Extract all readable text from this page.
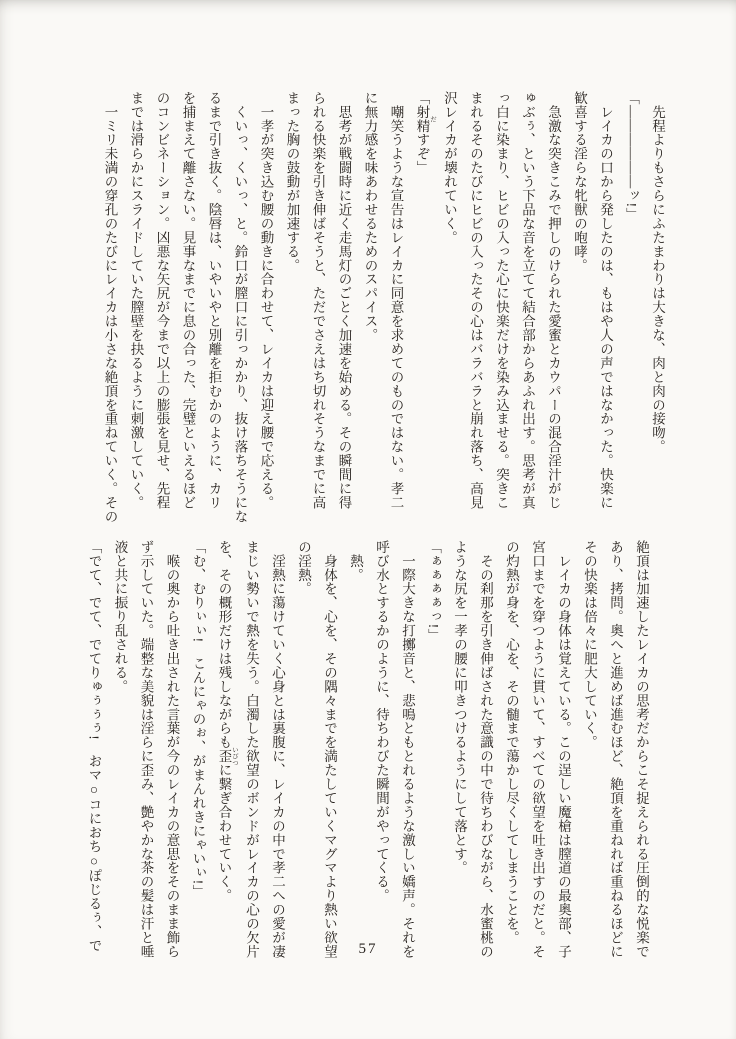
　先程よりもさらにふたまわりは大きな、肉と肉の接吻。
「――――――ッ!」
　レイカの口から発したのは、もはや人の声ではなかった。快楽に
歓喜する淫らな牝獣の咆哮。
　急激な突きこみで押しのけられた愛蜜とカウパーの混合淫汁がじ
ゅぶぅ、という下品な音を立てて結合部からあふれ出す。思考が真
っ白に染まり、ヒビの入った心に快楽だけを染み込ませる。突きこ
まれるそのたびにヒビの入ったその心はバラバラと崩れ落ち、高見
沢レイカが壊れていく。
「射精 だすぞ」
　嘲笑うような宣告はレイカに同意を求めてのものではない。孝二
に無力感を味あわせるためのスパイス。
　思考が戦闘時に近く走馬灯のごとく加速を始める。その瞬間に得
られる快楽を引き伸ばそうと、ただでさえはち切れそうなまでに高
まった胸の鼓動が加速する。
　一孝が突き込む腰の動きに合わせて、レイカは迎え腰で応える。
　くいっ、くいっ、と。鈴口が膣口に引っかかり、抜け落ちそうにな
るまで引き抜く。陰唇は、いやいやと別離を拒むかのように、カリ
を捕まえて離さない。見事なまでに息の合った、完璧といえるほど
のコンビネーション。凶悪な矢尻が今まで以上の膨張を見せ、先程
までは滑らかにスライドしていた膣壁を抉るように刺激していく。
　一ミリ未満の穿孔のたびにレイカは小さな絶頂を重ねていく。その
絶頂は加速したレイカの思考だからこそ捉えられる圧倒的な悦楽で
あり、拷問。奥へと進めば進むほど、絶頂を重ねれば重ねるほどに
その快楽は倍々に肥大していく。
　レイカの身体は覚えている。この逞しい魔槍は膣道の最奥部、子
宮口までを穿つように貫いて、すべての欲望を吐き出すのだと。そ
の灼熱が身を、心を、その髄まで蕩かし尽くしてしまうことを。
　その刹那を引き伸ばされた意識の中で待ちわびながら、水蜜桃の
ような尻を一孝の腰に叩きつけるようにして落とす。
「ぁぁぁぁっ!」
　一際大きな打擲音と、悲鳴ともとれるような激しい嬌声。それを
呼び水とするかのように、待ちわびた瞬間がやってくる。
　熱。
　身体を、心を、その隅々までを満たしていくマグマより熱い欲望
の淫熱。
　淫熱に蕩けていく心身とは裏腹に、レイカの中で孝二への愛が凄
まじい勢いで熱を失う。白濁した欲望のボンドがレイカの心の欠片
を、その概形だけは残しながらも歪 いびつに繋ぎ合わせていく。
「む、むりぃぃ!　こんにゃのぉ、がまんれきにゃいぃ!」
　喉の奥から吐き出された言葉が今のレイカの意思をそのまま飾ら
ず示していた。端整な美貌は淫らに歪み、艶やかな茶の髪は汗と唾
液と共に振り乱される。
「でて、でて、でてりゅぅぅぅ!　おマ○コにおち○ぽじるぅ、で	57
